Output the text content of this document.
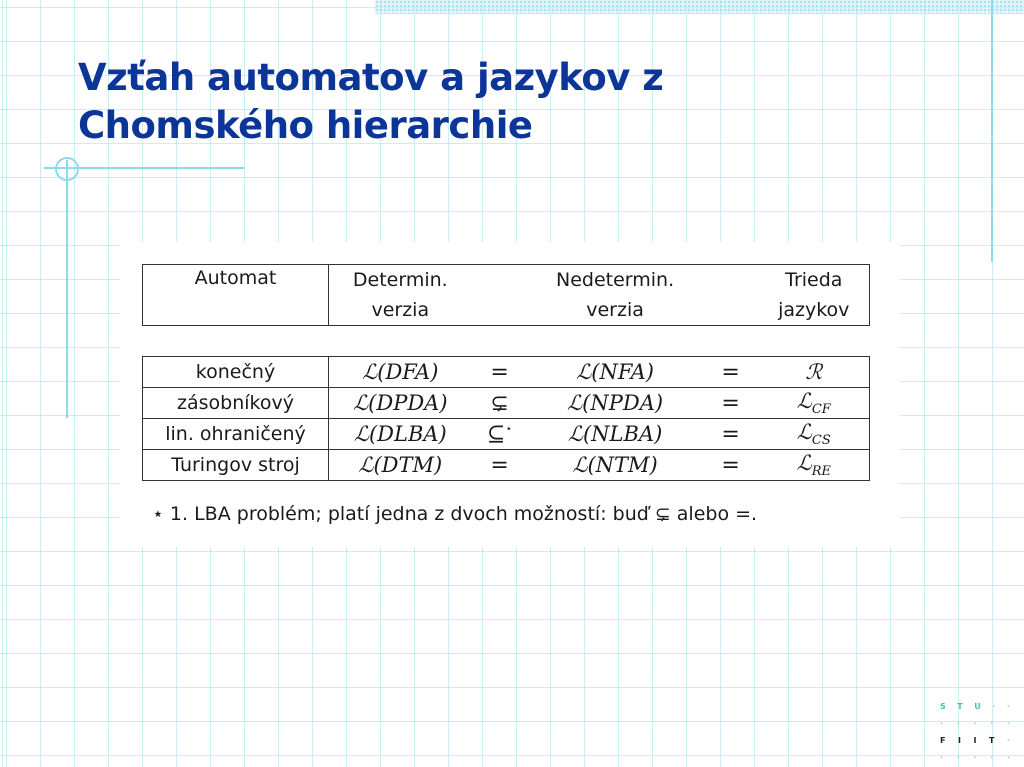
Vzťah automatov a jazykov z
Chomského hierarchie
Automat	Determin.		Nedetermin.		Trieda
	verzia		verzia		jazykov

konečný	ℒ(DFA)	=	ℒ(NFA)	=	ℛ
zásobníkový	ℒ(DPDA)	⊊	ℒ(NPDA)	=	ℒ$_{CF}$
lin. ohraničený	ℒ(DLBA)	⊆⋆	ℒ(NLBA)	=	ℒ$_{CS}$
Turingov stroj	ℒ(DTM)	=	ℒ(NTM)	=	ℒ$_{RE}$

⋆ 1. LBA problém; platí jedna z dvoch možností: buď ⊊ alebo =.

S T U · ·
· · · · ·
F I I T ·
· · · · ·
